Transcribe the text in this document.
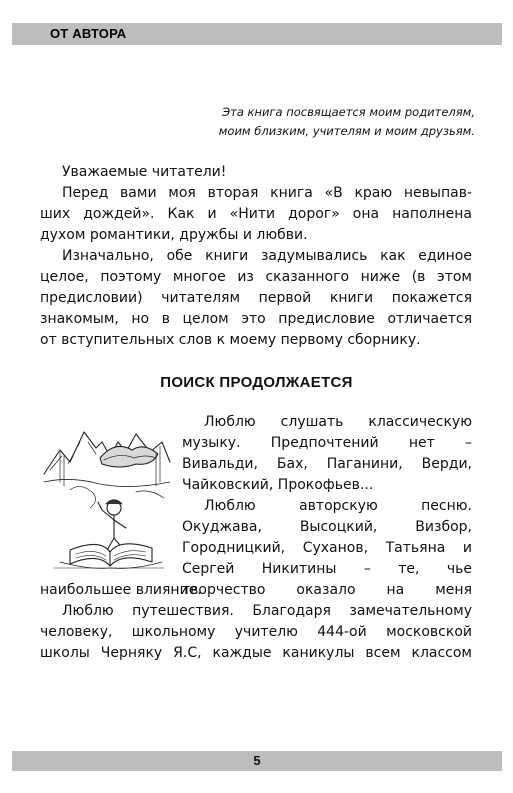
ОТ АВТОРА
Эта книга посвящается моим родителям,
моим близким, учителям и моим друзьям.
Уважаемые читатели!
Перед вами моя вторая книга «В краю невыпав-
ших дождей». Как и «Нити дорог» она наполнена
духом романтики, дружбы и любви.
Изначально, обе книги задумывались как единое
целое, поэтому многое из сказанного ниже (в этом
предисловии) читателям первой книги покажется
знакомым, но в целом это предисловие отличается
от вступительных слов к моему первому сборнику.
ПОИСК ПРОДОЛЖАЕТСЯ
Люблю слушать классическую
музыку. Предпочтений нет –
Вивальди, Бах, Паганини, Верди,
Чайковский, Прокофьев...
Люблю авторскую песню.
Окуджава, Высоцкий, Визбор,
Городницкий, Суханов, Татьяна и
Сергей Никитины – те, чье
творчество оказало на меня
наибольшее влияние.
Люблю путешествия. Благодаря замечательному
человеку, школьному учителю 444-ой московской
школы Черняку Я.С, каждые каникулы всем классом
5
